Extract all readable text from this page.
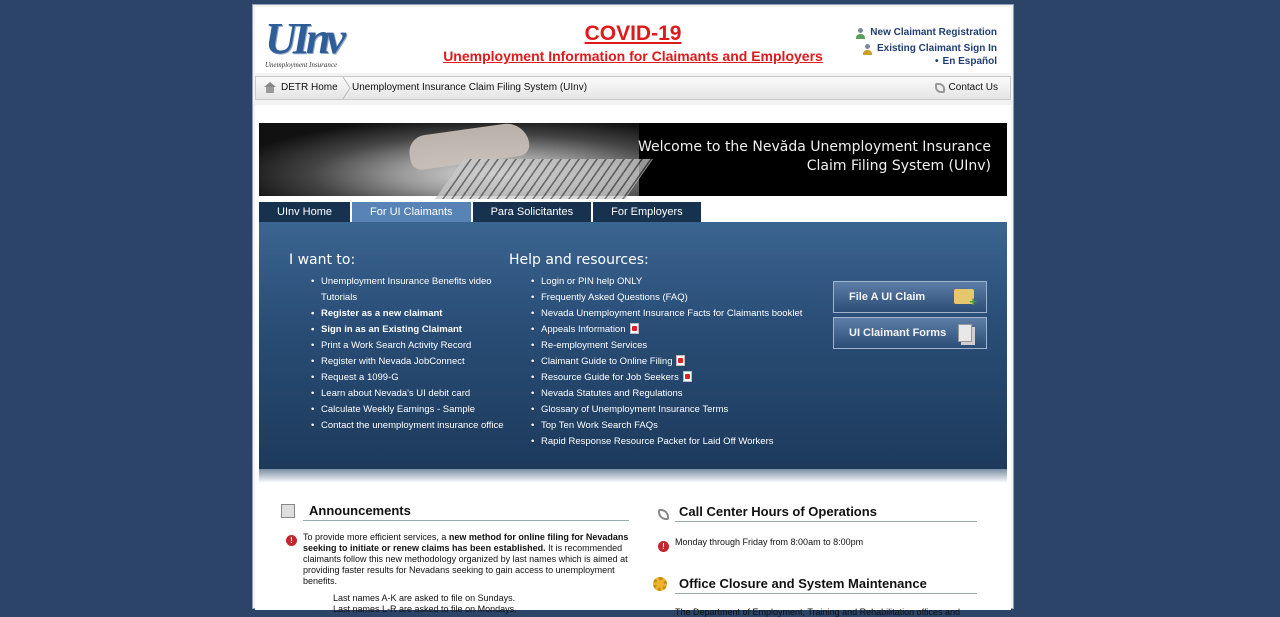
UInv
Unemployment Insurance
COVID-19
Unemployment Information for Claimants and Employers
New Claimant Registration
Existing Claimant Sign In
• En Español
DETR Home Unemployment Insurance Claim Filing System (UInv)	Contact Us
Welcome to the Nevăda Unemployment Insurance
Claim Filing System (UInv)
UInv Home	For UI Claimants	Para Solicitantes	For Employers
I want to:
• Unemployment Insurance Benefits video
Tutorials
• Register as a new claimant
• Sign in as an Existing Claimant
• Print a Work Search Activity Record
• Register with Nevada JobConnect
• Request a 1099-G
• Learn about Nevada's UI debit card
• Calculate Weekly Earnings - Sample
• Contact the unemployment insurance office
Help and resources:
• Login or PIN help ONLY
• Frequently Asked Questions (FAQ)
• Nevada Unemployment Insurance Facts for Claimants booklet
• Appeals Information
• Re-employment Services
• Claimant Guide to Online Filing
• Resource Guide for Job Seekers
• Nevada Statutes and Regulations
• Glossary of Unemployment Insurance Terms
• Top Ten Work Search FAQs
• Rapid Response Resource Packet for Laid Off Workers
File A UI Claim
+
UI Claimant Forms
Announcements
!	To provide more efficient services, a new method for online filing for Nevadans seeking to initiate or renew claims has been established. It is recommended claimants follow this new methodology organized by last names which is aimed at providing faster results for Nevadans seeking to gain access to unemployment benefits.
Last names A-K are asked to file on Sundays.
Last names L-R are asked to file on Mondays.
Call Center Hours of Operations
!	Monday through Friday from 8:00am to 8:00pm
Office Closure and System Maintenance
The Department of Employment, Training and Rehabilitation offices and
